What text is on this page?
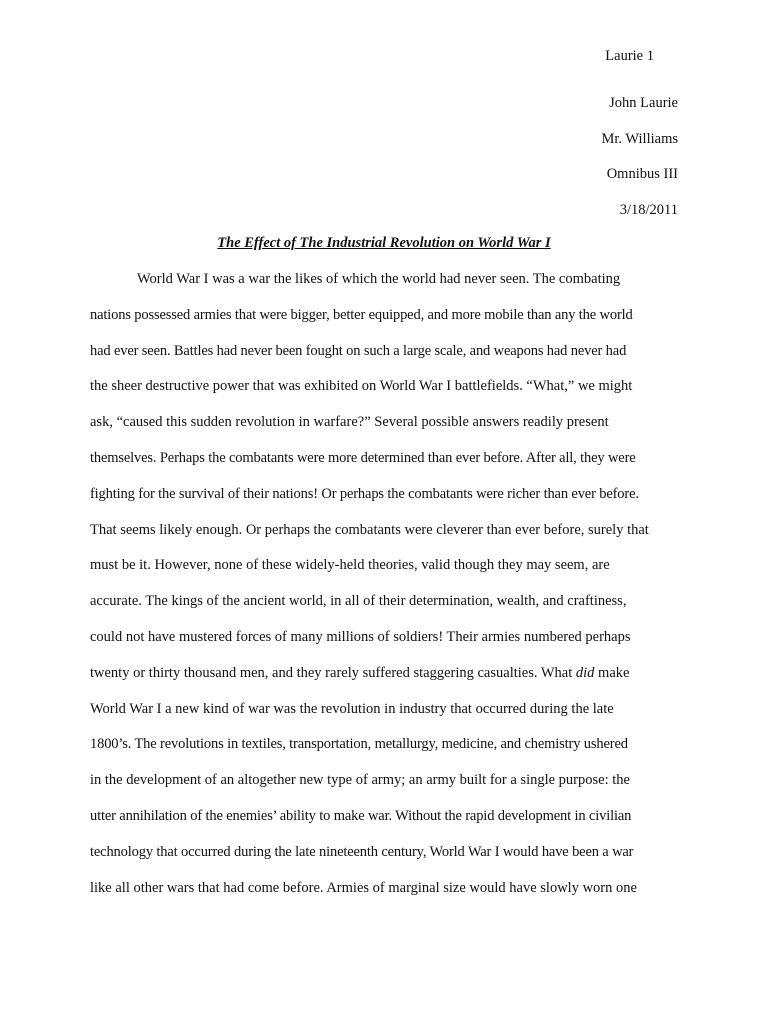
Laurie 1
John Laurie
Mr. Williams
Omnibus III
3/18/2011
The Effect of The Industrial Revolution on World War I
World War I was a war the likes of which the world had never seen. The combating
nations possessed armies that were bigger, better equipped, and more mobile than any the world
had ever seen. Battles had never been fought on such a large scale, and weapons had never had
the sheer destructive power that was exhibited on World War I battlefields. “What,” we might
ask, “caused this sudden revolution in warfare?” Several possible answers readily present
themselves. Perhaps the combatants were more determined than ever before. After all, they were
fighting for the survival of their nations! Or perhaps the combatants were richer than ever before.
That seems likely enough. Or perhaps the combatants were cleverer than ever before, surely that
must be it. However, none of these widely-held theories, valid though they may seem, are
accurate. The kings of the ancient world, in all of their determination, wealth, and craftiness,
could not have mustered forces of many millions of soldiers! Their armies numbered perhaps
twenty or thirty thousand men, and they rarely suffered staggering casualties. What did make
World War I a new kind of war was the revolution in industry that occurred during the late
1800’s. The revolutions in textiles, transportation, metallurgy, medicine, and chemistry ushered
in the development of an altogether new type of army; an army built for a single purpose: the
utter annihilation of the enemies’ ability to make war. Without the rapid development in civilian
technology that occurred during the late nineteenth century, World War I would have been a war
like all other wars that had come before. Armies of marginal size would have slowly worn one
